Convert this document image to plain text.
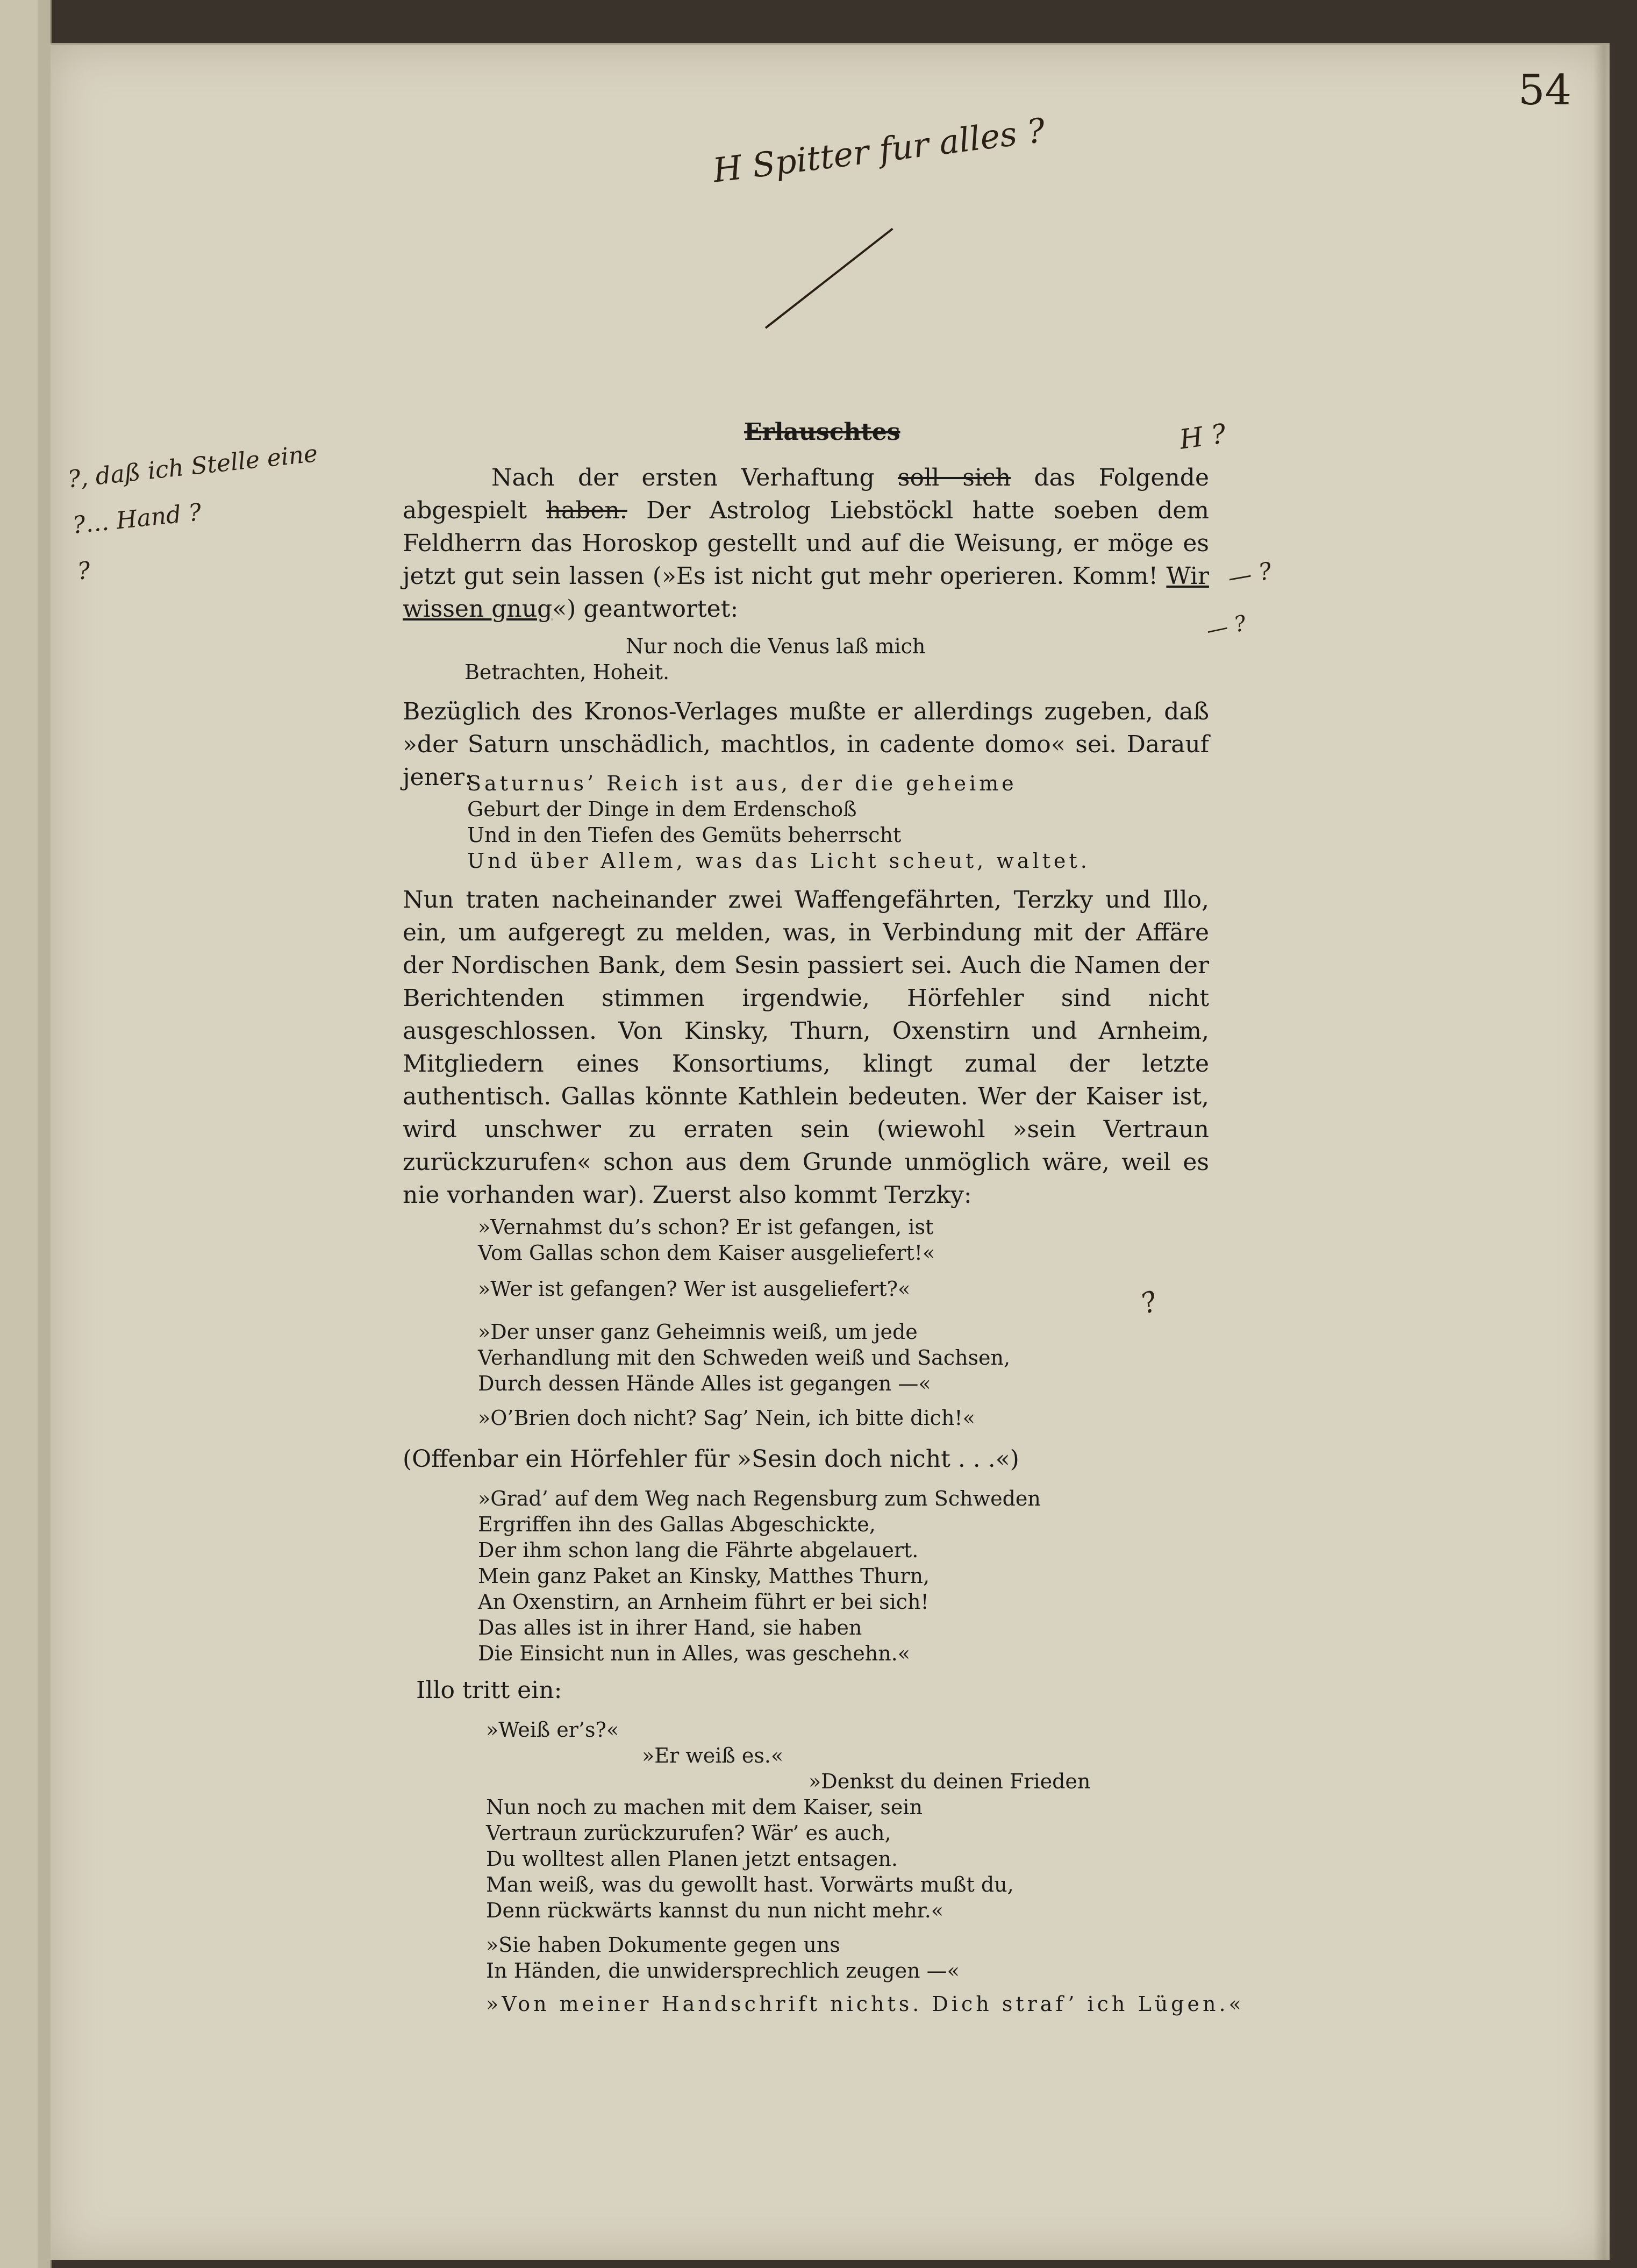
54
H Spitter fur alles ?
?, daß ich Stelle eine
?… Hand ?
?
H ?
— ?
— ?
?
Erlauschtes
Nach der ersten Verhaftung soll sich das Folgende abgespielt haben. Der Astrolog Liebstöckl hatte soeben dem Feldherrn das Horoskop gestellt und auf die Weisung, er möge es jetzt gut sein lassen (»Es ist nicht gut mehr operieren. Komm! Wir wissen gnug«) geantwortet:
Nur noch die Venus laß mich
Betrachten, Hoheit.
Bezüglich des Kronos-Verlages mußte er allerdings zugeben, daß »der Saturn unschädlich, machtlos, in cadente domo« sei. Darauf jener:
Saturnus’ Reich ist aus, der die geheime
Geburt der Dinge in dem Erdenschoß
Und in den Tiefen des Gemüts beherrscht
Und über Allem, was das Licht scheut, waltet.
Nun traten nacheinander zwei Waffengefährten, Terzky und Illo, ein, um aufgeregt zu melden, was, in Verbindung mit der Affäre der Nordischen Bank, dem Sesin passiert sei. Auch die Namen der Berichtenden stimmen irgendwie, Hörfehler sind nicht ausgeschlossen. Von Kinsky, Thurn, Oxenstirn und Arnheim, Mitgliedern eines Konsortiums, klingt zumal der letzte authentisch. Gallas könnte Kathlein bedeuten. Wer der Kaiser ist, wird unschwer zu erraten sein (wiewohl »sein Vertraun zurückzurufen« schon aus dem Grunde unmöglich wäre, weil es nie vorhanden war). Zuerst also kommt Terzky:
»Vernahmst du’s schon? Er ist gefangen, ist
Vom Gallas schon dem Kaiser ausgeliefert!«
»Wer ist gefangen? Wer ist ausgeliefert?«
»Der unser ganz Geheimnis weiß, um jede
Verhandlung mit den Schweden weiß und Sachsen,
Durch dessen Hände Alles ist gegangen —«
»O’Brien doch nicht? Sag’ Nein, ich bitte dich!«
(Offenbar ein Hörfehler für »Sesin doch nicht . . .«)
»Grad’ auf dem Weg nach Regensburg zum Schweden
Ergriffen ihn des Gallas Abgeschickte,
Der ihm schon lang die Fährte abgelauert.
Mein ganz Paket an Kinsky, Matthes Thurn,
An Oxenstirn, an Arnheim führt er bei sich!
Das alles ist in ihrer Hand, sie haben
Die Einsicht nun in Alles, was geschehn.«
Illo tritt ein:
»Weiß er’s?«
»Er weiß es.«
»Denkst du deinen Frieden
Nun noch zu machen mit dem Kaiser, sein
Vertraun zurückzurufen? Wär’ es auch,
Du wolltest allen Planen jetzt entsagen.
Man weiß, was du gewollt hast. Vorwärts mußt du,
Denn rückwärts kannst du nun nicht mehr.«
»Sie haben Dokumente gegen uns
In Händen, die unwidersprechlich zeugen —«
»Von meiner Handschrift nichts. Dich straf’ ich Lügen.«
